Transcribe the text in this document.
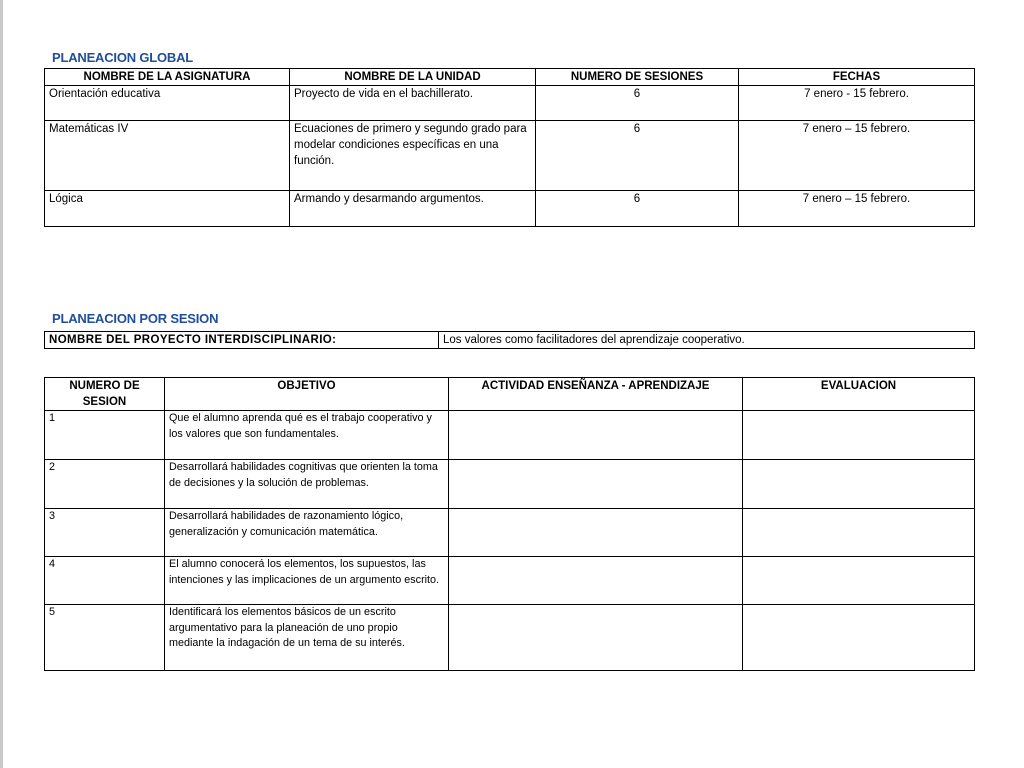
PLANEACION GLOBAL
NOMBRE DE LA ASIGNATURA	NOMBRE DE LA UNIDAD	NUMERO DE SESIONES	FECHAS
Orientación educativa	Proyecto de vida en el bachillerato.	6	7 enero - 15 febrero.
Matemáticas IV	Ecuaciones de primero y segundo grado para modelar condiciones específicas en una función.	6	7 enero – 15 febrero.
Lógica	Armando y desarmando argumentos.	6	7 enero – 15 febrero.
PLANEACION POR SESION
NOMBRE DEL PROYECTO INTERDISCIPLINARIO:	Los valores como facilitadores del aprendizaje cooperativo.
NUMERO DE SESION	OBJETIVO	ACTIVIDAD ENSEÑANZA - APRENDIZAJE	EVALUACION
1	Que el alumno aprenda qué es el trabajo cooperativo y los valores que son fundamentales.		
2	Desarrollará habilidades cognitivas que orienten la toma de decisiones y la solución de problemas.		
3	Desarrollará habilidades de razonamiento lógico, generalización y comunicación matemática.		
4	El alumno conocerá los elementos, los supuestos, las intenciones y las implicaciones de un argumento escrito.		
5	Identificará los elementos básicos de un escrito argumentativo para la planeación de uno propio mediante la indagación de un tema de su interés.		
